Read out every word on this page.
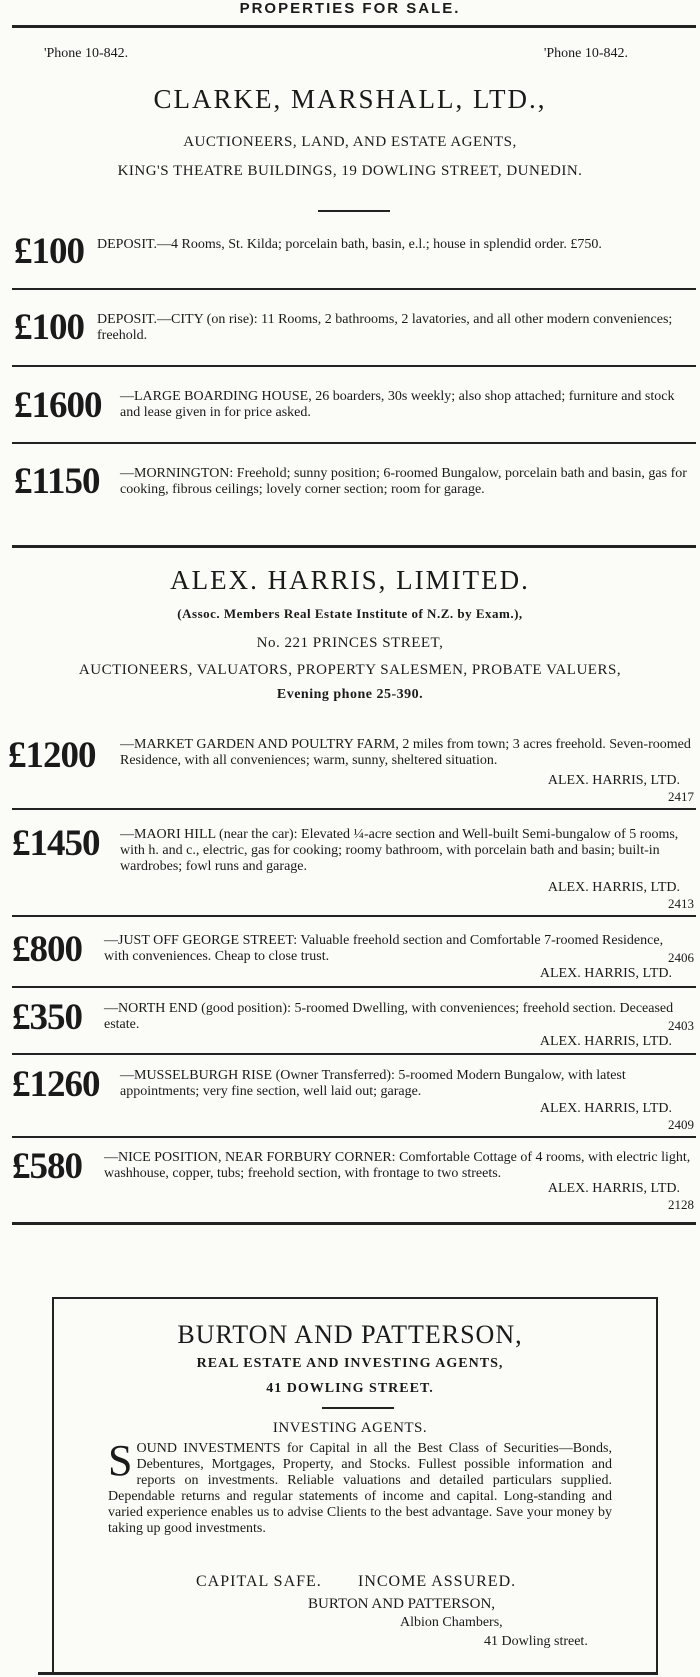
PROPERTIES FOR SALE.
'Phone 10-842.	'Phone 10-842.
CLARKE, MARSHALL, LTD.,
AUCTIONEERS, LAND, AND ESTATE AGENTS,
KING'S THEATRE BUILDINGS, 19 DOWLING STREET, DUNEDIN.
£100 DEPOSIT.—4 Rooms, St. Kilda; porcelain bath, basin, e.l.; house in splendid order. £750.
£100 DEPOSIT.—CITY (on rise): 11 Rooms, 2 bathrooms, 2 lavatories, and all other modern conveniences; freehold.
£1600 —LARGE BOARDING HOUSE, 26 boarders, 30s weekly; also shop attached; furniture and stock and lease given in for price asked.
£1150 —MORNINGTON: Freehold; sunny position; 6-roomed Bungalow, porcelain bath and basin, gas for cooking, fibrous ceilings; lovely corner section; room for garage.
ALEX. HARRIS, LIMITED.
(Assoc. Members Real Estate Institute of N.Z. by Exam.),
No. 221 PRINCES STREET,
AUCTIONEERS, VALUATORS, PROPERTY SALESMEN, PROBATE VALUERS,
Evening phone 25-390.
£1200 —MARKET GARDEN AND POULTRY FARM, 2 miles from town; 3 acres freehold. Seven-roomed Residence, with all conveniences; warm, sunny, sheltered situation.
ALEX. HARRIS, LTD.
2417
£1450 —MAORI HILL (near the car): Elevated ¼-acre section and Well-built Semi-bungalow of 5 rooms, with h. and c., electric, gas for cooking; roomy bathroom, with porcelain bath and basin; built-in wardrobes; fowl runs and garage.
ALEX. HARRIS, LTD.
2413
£800 —JUST OFF GEORGE STREET: Valuable freehold section and Comfortable 7-roomed Residence, with conveniences. Cheap to close trust.	2406
ALEX. HARRIS, LTD.
£350 —NORTH END (good position): 5-roomed Dwelling, with conveniences; freehold section. Deceased estate.	2403
ALEX. HARRIS, LTD.
£1260 —MUSSELBURGH RISE (Owner Transferred): 5-roomed Modern Bungalow, with latest appointments; very fine section, well laid out; garage.
ALEX. HARRIS, LTD.
2409
£580 —NICE POSITION, NEAR FORBURY CORNER: Comfortable Cottage of 4 rooms, with electric light, washhouse, copper, tubs; freehold section, with frontage to two streets.
ALEX. HARRIS, LTD.
2128
BURTON AND PATTERSON,
REAL ESTATE AND INVESTING AGENTS,
41 DOWLING STREET.
INVESTING AGENTS.
SOUND INVESTMENTS for Capital in all the Best Class of Securities—Bonds, Debentures, Mortgages, Property, and Stocks. Fullest possible information and reports on investments. Reliable valuations and detailed particulars supplied. Dependable returns and regular statements of income and capital. Long-standing and varied experience enables us to advise Clients to the best advantage. Save your money by taking up good investments.
CAPITAL SAFE. INCOME ASSURED.
BURTON AND PATTERSON,
Albion Chambers,
41 Dowling street.
